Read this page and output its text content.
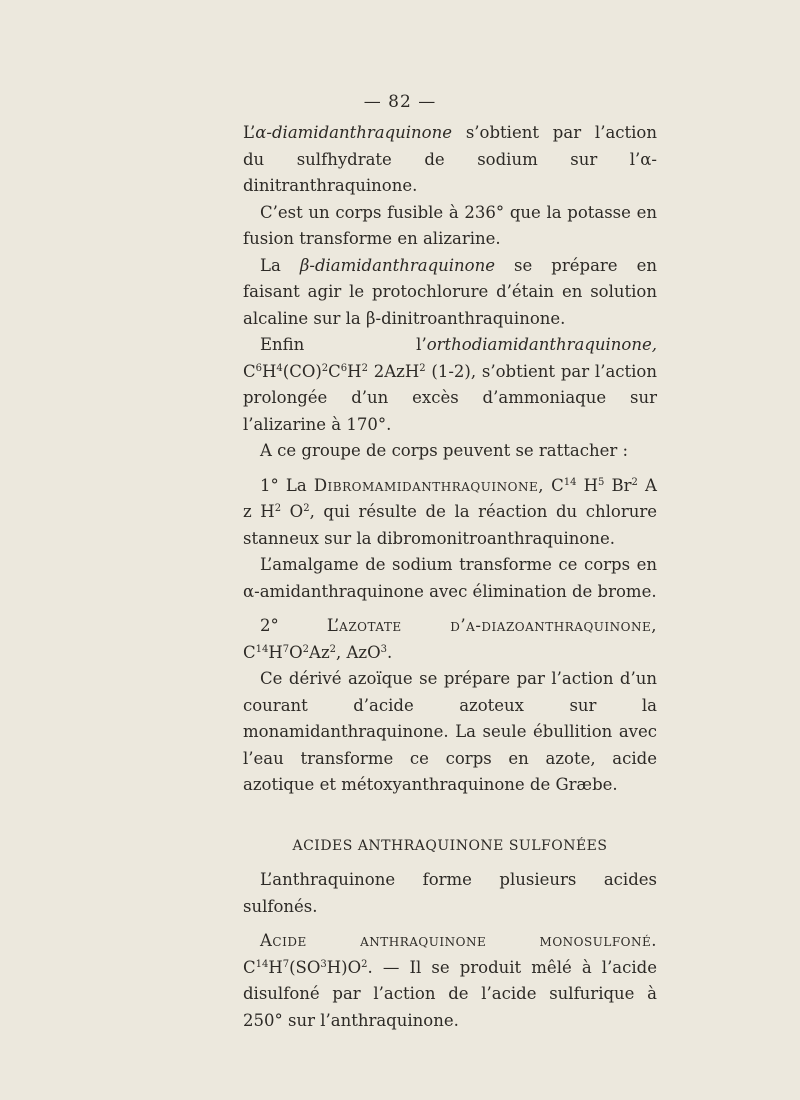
— 82 —

L’α-diamidanthraquinone s’obtient par l’action du sulfhydrate de sodium sur l’α-dinitranthraquinone.

C’est un corps fusible à 236° que la potasse en fusion transforme en alizarine.

La β-diamidanthraquinone se prépare en faisant agir le protochlorure d’étain en solution alcaline sur la β-dinitroanthraquinone.

Enfin l’orthodiamidanthraquinone, $C^6H^4(CO)^2C^6H^2$ 2AzH$^2$ (1-2), s’obtient par l’action prolongée d’un excès d’ammoniaque sur l’alizarine à 170°.

A ce groupe de corps peuvent se rattacher :

1° La Dibromamidanthraquinone, $C^{14}$ $H^5$ Br$^2$ A z $H^2$ $O^2$, qui résulte de la réaction du chlorure stanneux sur la dibromonitroanthraquinone.

L’amalgame de sodium transforme ce corps en α-amidanthraquinone avec élimination de brome.

2° L’azotate d’α-diazoanthraquinone, $C^{14}H^7O^2Az^2$, AzO$^3$.

Ce dérivé azoïque se prépare par l’action d’un courant d’acide azoteux sur la monamidanthraquinone. La seule ébullition avec l’eau transforme ce corps en azote, acide azotique et métoxyanthraquinone de Græbe.

ACIDES ANTHRAQUINONE SULFONÉES

L’anthraquinone forme plusieurs acides sulfonés.

Acide anthraquinone monosulfoné. $C^{14}H^7(SO^3H)O^2$. — Il se produit mêlé à l’acide disulfoné par l’action de l’acide sulfurique à 250° sur l’anthraquinone.
